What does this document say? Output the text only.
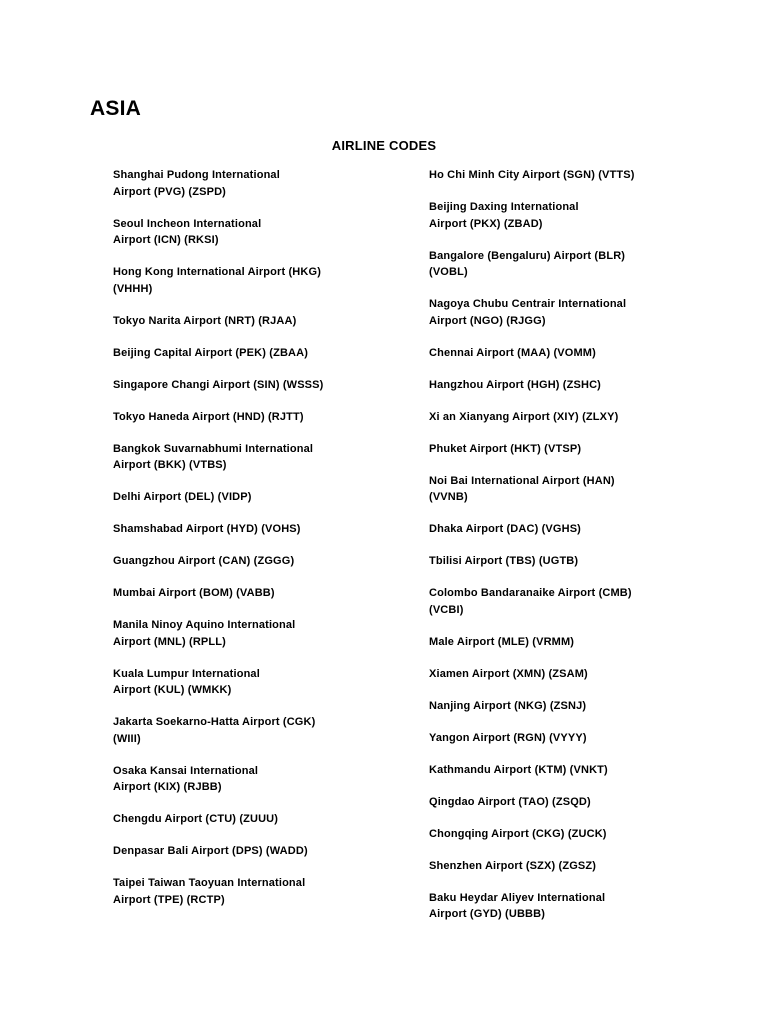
ASIA
AIRLINE CODES
Shanghai Pudong International
Airport (PVG) (ZSPD)
Seoul Incheon International
Airport (ICN) (RKSI)
Hong Kong International Airport (HKG)
(VHHH)
Tokyo Narita Airport (NRT) (RJAA)
Beijing Capital Airport (PEK) (ZBAA)
Singapore Changi Airport (SIN) (WSSS)
Tokyo Haneda Airport (HND) (RJTT)
Bangkok Suvarnabhumi International
Airport (BKK) (VTBS)
Delhi Airport (DEL) (VIDP)
Shamshabad Airport (HYD) (VOHS)
Guangzhou Airport (CAN) (ZGGG)
Mumbai Airport (BOM) (VABB)
Manila Ninoy Aquino International
Airport (MNL) (RPLL)
Kuala Lumpur International
Airport (KUL) (WMKK)
Jakarta Soekarno-Hatta Airport (CGK)
(WIII)
Osaka Kansai International
Airport (KIX) (RJBB)
Chengdu Airport (CTU) (ZUUU)
Denpasar Bali Airport (DPS) (WADD)
Taipei Taiwan Taoyuan International
Airport (TPE) (RCTP)
Ho Chi Minh City Airport (SGN) (VTTS)
Beijing Daxing International
Airport (PKX) (ZBAD)
Bangalore (Bengaluru) Airport (BLR)
(VOBL)
Nagoya Chubu Centrair International
Airport (NGO) (RJGG)
Chennai Airport (MAA) (VOMM)
Hangzhou Airport (HGH) (ZSHC)
Xi an Xianyang Airport (XIY) (ZLXY)
Phuket Airport (HKT) (VTSP)
Noi Bai International Airport (HAN)
(VVNB)
Dhaka Airport (DAC) (VGHS)
Tbilisi Airport (TBS) (UGTB)
Colombo Bandaranaike Airport (CMB)
(VCBI)
Male Airport (MLE) (VRMM)
Xiamen Airport (XMN) (ZSAM)
Nanjing Airport (NKG) (ZSNJ)
Yangon Airport (RGN) (VYYY)
Kathmandu Airport (KTM) (VNKT)
Qingdao Airport (TAO) (ZSQD)
Chongqing Airport (CKG) (ZUCK)
Shenzhen Airport (SZX) (ZGSZ)
Baku Heydar Aliyev International
Airport (GYD) (UBBB)
